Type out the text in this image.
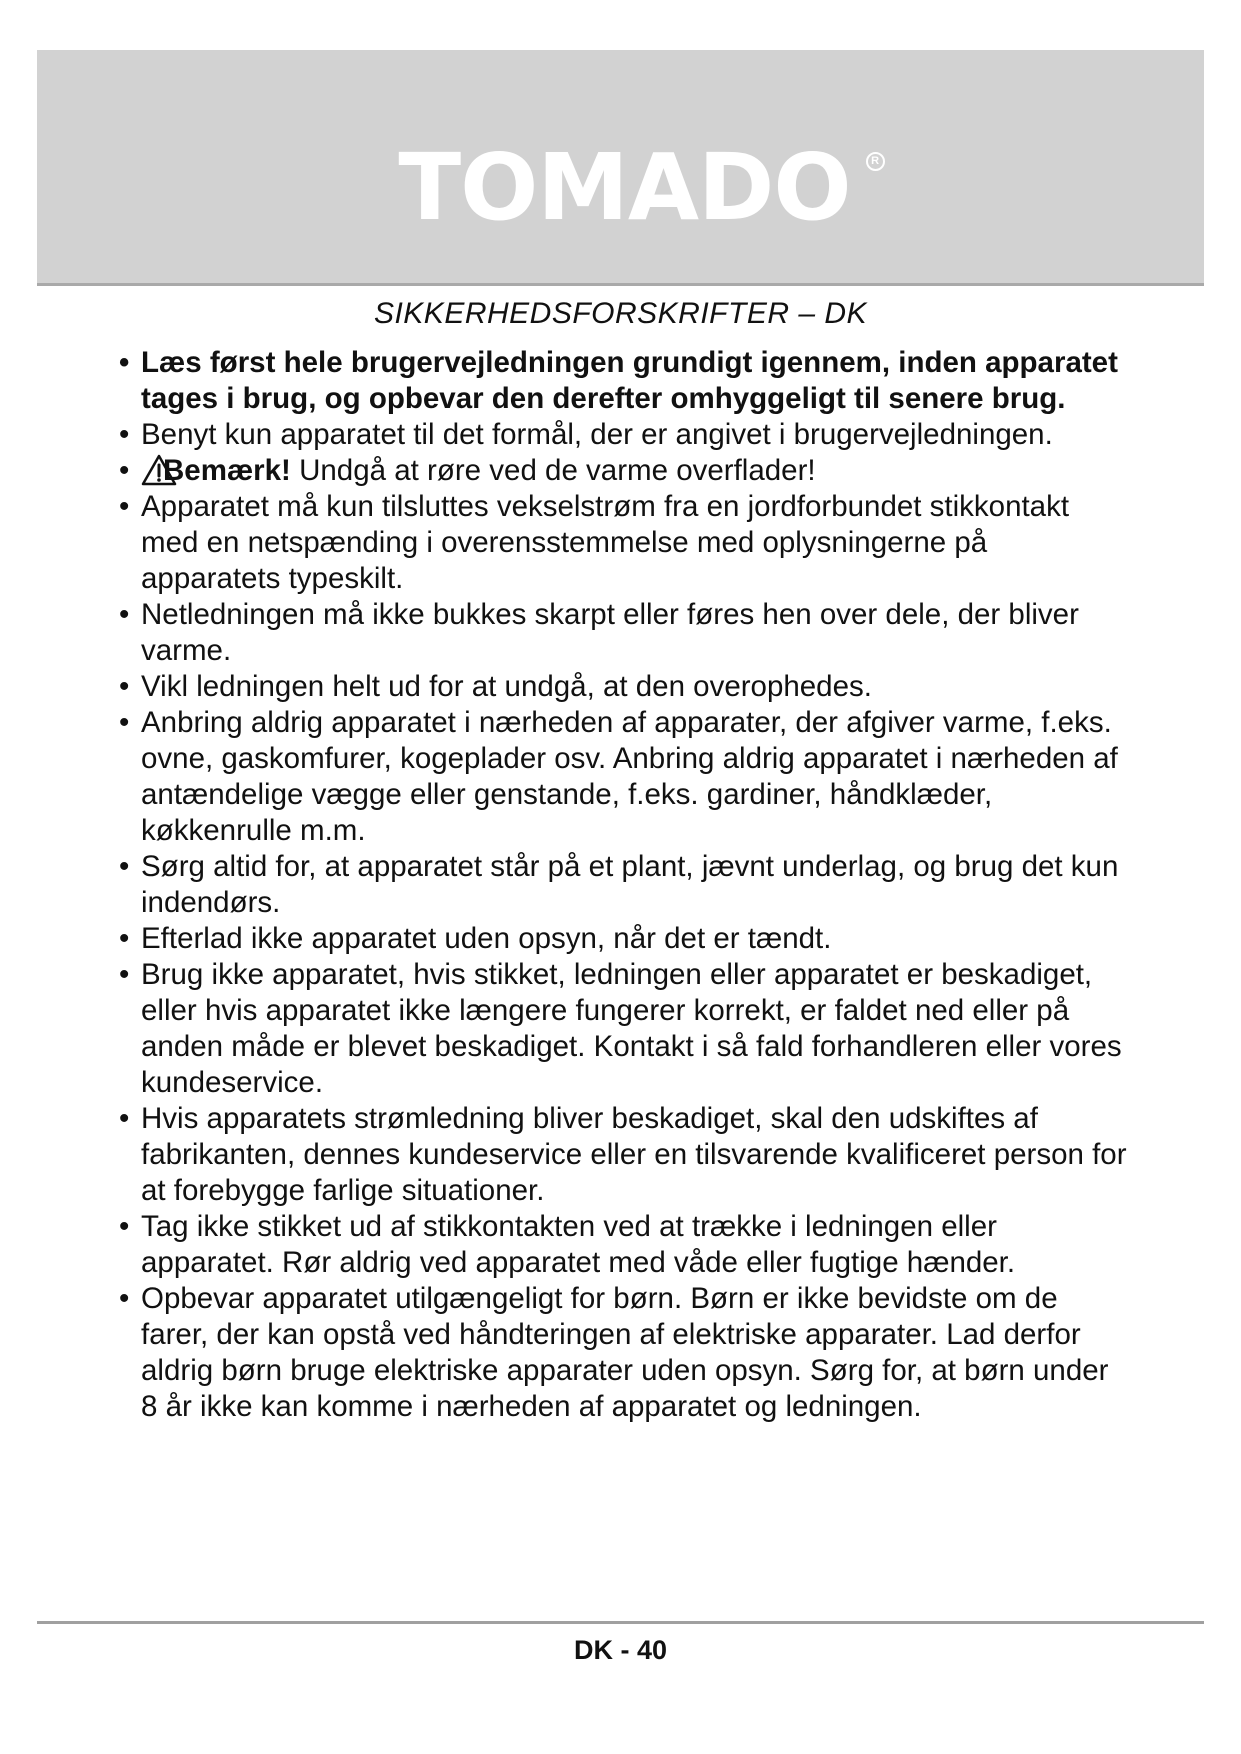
TOMADO	R
SIKKERHEDSFORSKRIFTER – DK
• Læs først hele brugervejledningen grundigt igennem, inden apparatet tages i brug, og opbevar den derefter omhyggeligt til senere brug.
• Benyt kun apparatet til det formål, der er angivet i brugervejledningen.
• Bemærk! Undgå at røre ved de varme overflader!
• Apparatet må kun tilsluttes vekselstrøm fra en jordforbundet stikkontakt med en netspænding i overensstemmelse med oplysningerne på apparatets typeskilt.
• Netledningen må ikke bukkes skarpt eller føres hen over dele, der bliver varme.
• Vikl ledningen helt ud for at undgå, at den overophedes.
• Anbring aldrig apparatet i nærheden af apparater, der afgiver varme, f.eks. ovne, gaskomfurer, kogeplader osv. Anbring aldrig apparatet i nærheden af antændelige vægge eller genstande, f.eks. gardiner, håndklæder, køkkenrulle m.m.
• Sørg altid for, at apparatet står på et plant, jævnt underlag, og brug det kun indendørs.
• Efterlad ikke apparatet uden opsyn, når det er tændt.
• Brug ikke apparatet, hvis stikket, ledningen eller apparatet er beskadiget, eller hvis apparatet ikke længere fungerer korrekt, er faldet ned eller på anden måde er blevet beskadiget. Kontakt i så fald forhandleren eller vores kundeservice.
• Hvis apparatets strømledning bliver beskadiget, skal den udskiftes af fabrikanten, dennes kundeservice eller en tilsvarende kvalificeret person for at forebygge farlige situationer.
• Tag ikke stikket ud af stikkontakten ved at trække i ledningen eller apparatet. Rør aldrig ved apparatet med våde eller fugtige hænder.
• Opbevar apparatet utilgængeligt for børn. Børn er ikke bevidste om de farer, der kan opstå ved håndteringen af elektriske apparater. Lad derfor aldrig børn bruge elektriske apparater uden opsyn. Sørg for, at børn under 8 år ikke kan komme i nærheden af apparatet og ledningen.
DK - 40
